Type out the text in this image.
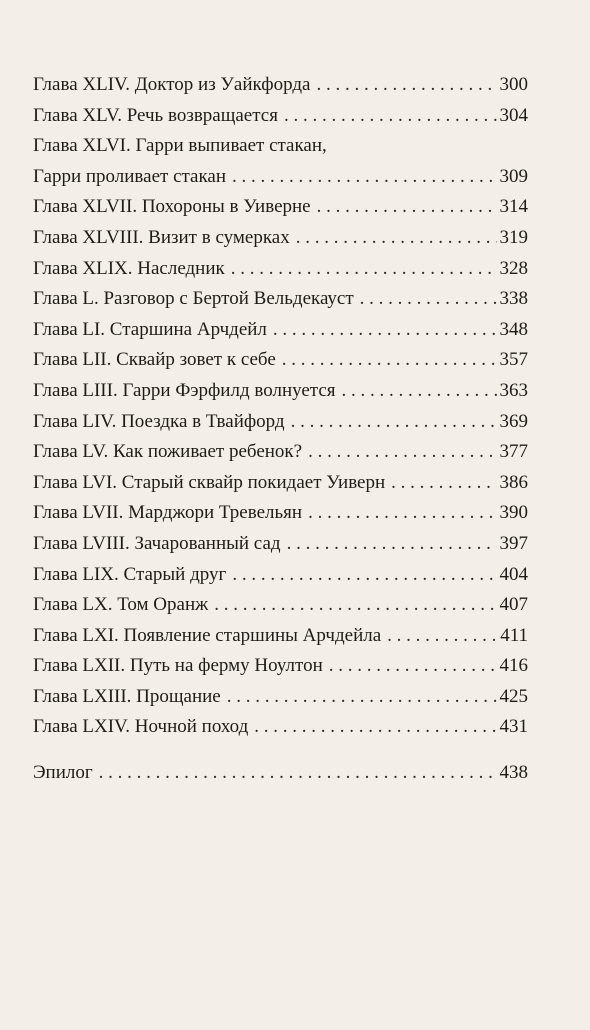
Глава XLIV. Доктор из Уайкфорда . . .	300
Глава XLV. Речь возвращается . . .	304
Глава XLVI. Гарри выпивает стакан,
Гарри проливает стакан . . .	309
Глава XLVII. Похороны в Уиверне . . .	314
Глава XLVIII. Визит в сумерках . . .	319
Глава XLIX. Наследник . . .	328
Глава L. Разговор с Бертой Вельдекауст . . .	338
Глава LI. Старшина Арчдейл . . .	348
Глава LII. Сквайр зовет к себе . . .	357
Глава LIII. Гарри Фэрфилд волнуется . . .	363
Глава LIV. Поездка в Твайфорд . . .	369
Глава LV. Как поживает ребенок? . . .	377
Глава LVI. Старый сквайр покидает Уиверн . . .	386
Глава LVII. Марджори Тревельян . . .	390
Глава LVIII. Зачарованный сад . . .	397
Глава LIX. Старый друг . . .	404
Глава LX. Том Оранж . . .	407
Глава LXI. Появление старшины Арчдейла . . .	411
Глава LXII. Путь на ферму Ноултон . . .	416
Глава LXIII. Прощание . . .	425
Глава LXIV. Ночной поход . . .	431
Эпилог . . .	438
